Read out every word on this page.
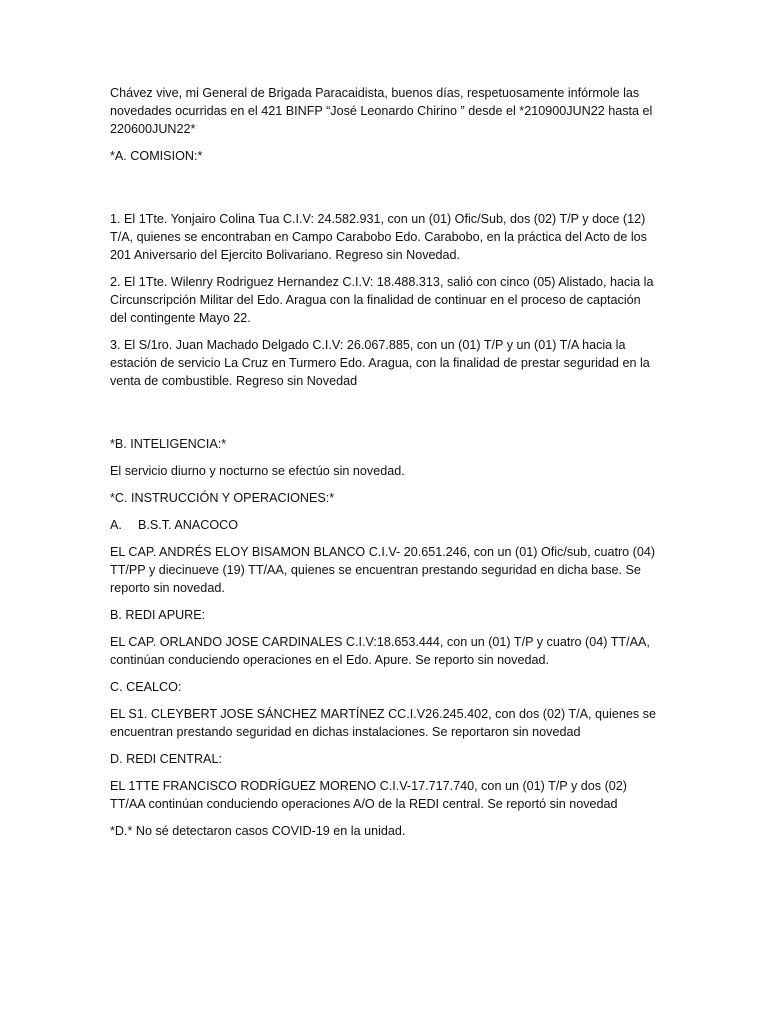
Chávez vive, mi General de Brigada Paracaidista, buenos días, respetuosamente infórmole las novedades ocurridas en el 421 BINFP “José Leonardo Chirino ” desde el *210900JUN22 hasta el 220600JUN22*

*A. COMISION:*

1. El 1Tte. Yonjairo Colina Tua C.I.V: 24.582.931, con un (01) Ofic/Sub, dos (02) T/P y doce (12) T/A, quienes se encontraban en Campo Carabobo Edo. Carabobo, en la práctica del Acto de los 201 Aniversario del Ejercito Bolivariano. Regreso sin Novedad.

2. El 1Tte. Wilenry Rodriguez Hernandez C.I.V: 18.488.313, salió con cinco (05) Alistado, hacia la Circunscripción Militar del Edo. Aragua con la finalidad de continuar en el proceso de captación del contingente Mayo 22.

3. El S/1ro. Juan Machado Delgado C.I.V: 26.067.885, con un (01) T/P y un (01) T/A hacia la estación de servicio La Cruz en Turmero Edo. Aragua, con la finalidad de prestar seguridad en la venta de combustible. Regreso sin Novedad

*B. INTELIGENCIA:*

El servicio diurno y nocturno se efectúo sin novedad.

*C. INSTRUCCIÓN Y OPERACIONES:*

A.	B.S.T. ANACOCO

EL CAP. ANDRÉS ELOY BISAMON BLANCO C.I.V- 20.651.246, con un (01) Ofic/sub, cuatro (04) TT/PP y diecinueve (19) TT/AA, quienes se encuentran prestando seguridad en dicha base. Se reporto sin novedad.

B. REDI APURE:

EL CAP. ORLANDO JOSE CARDINALES C.I.V:18.653.444, con un (01) T/P y cuatro (04) TT/AA, continúan conduciendo operaciones en el Edo. Apure. Se reporto sin novedad.

C. CEALCO:

EL S1. CLEYBERT JOSE SÁNCHEZ MARTÍNEZ CC.I.V26.245.402, con dos (02) T/A, quienes se encuentran prestando seguridad en dichas instalaciones. Se reportaron sin novedad

D. REDI CENTRAL:

EL 1TTE FRANCISCO RODRÍGUEZ MORENO C.I.V-17.717.740, con un (01) T/P y dos (02) TT/AA continúan conduciendo operaciones A/O de la REDI central. Se reportó sin novedad

*D.* No sé detectaron casos COVID-19 en la unidad.
